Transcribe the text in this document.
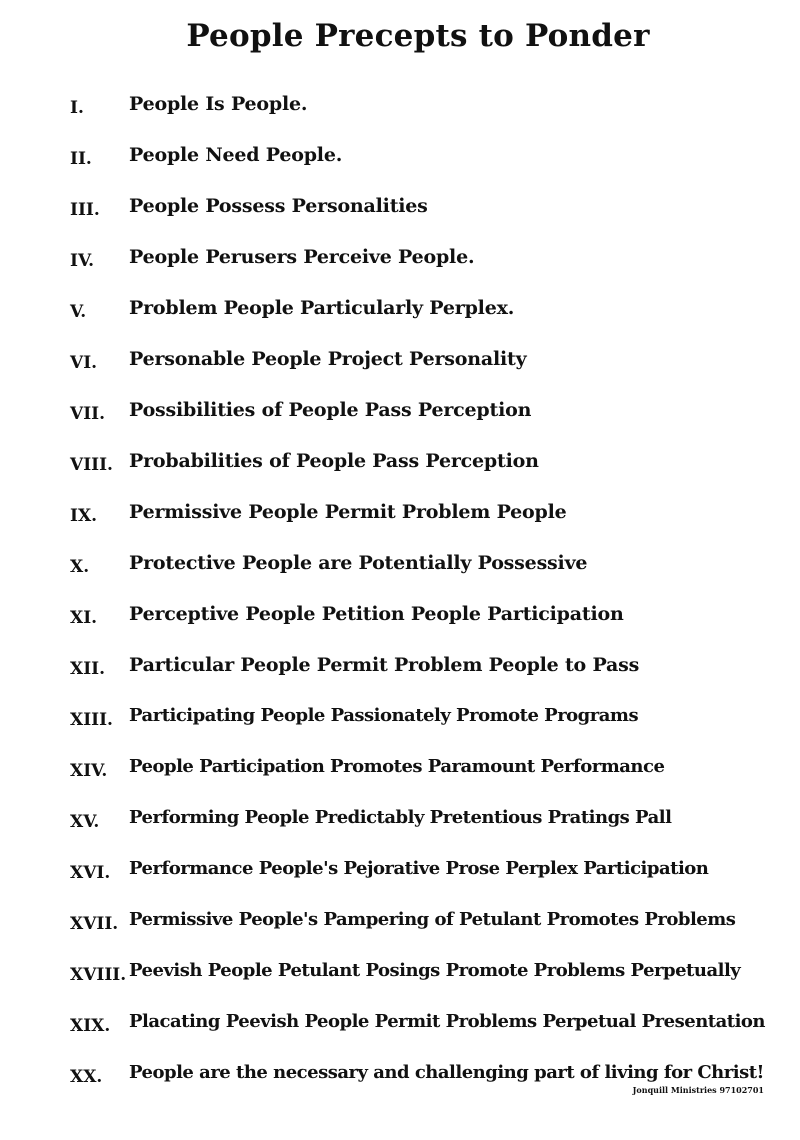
People Precepts to Ponder
I. People Is People.
II. People Need People.
III. People Possess Personalities
IV. People Perusers Perceive People.
V. Problem People Particularly Perplex.
VI. Personable People Project Personality
VII. Possibilities of People Pass Perception
VIII. Probabilities of People Pass Perception
IX. Permissive People Permit Problem People
X. Protective People are Potentially Possessive
XI. Perceptive People Petition People Participation
XII. Particular People Permit Problem People to Pass
XIII. Participating People Passionately Promote Programs
XIV. People Participation Promotes Paramount Performance
XV. Performing People Predictably Pretentious Pratings Pall
XVI. Performance People's Pejorative Prose Perplex Participation
XVII. Permissive People's Pampering of Petulant Promotes Problems
XVIII. Peevish People Petulant Posings Promote Problems Perpetually
XIX. Placating Peevish People Permit Problems Perpetual Presentation
XX. People are the necessary and challenging part of living for Christ!
Jonquill Ministries 97102701
